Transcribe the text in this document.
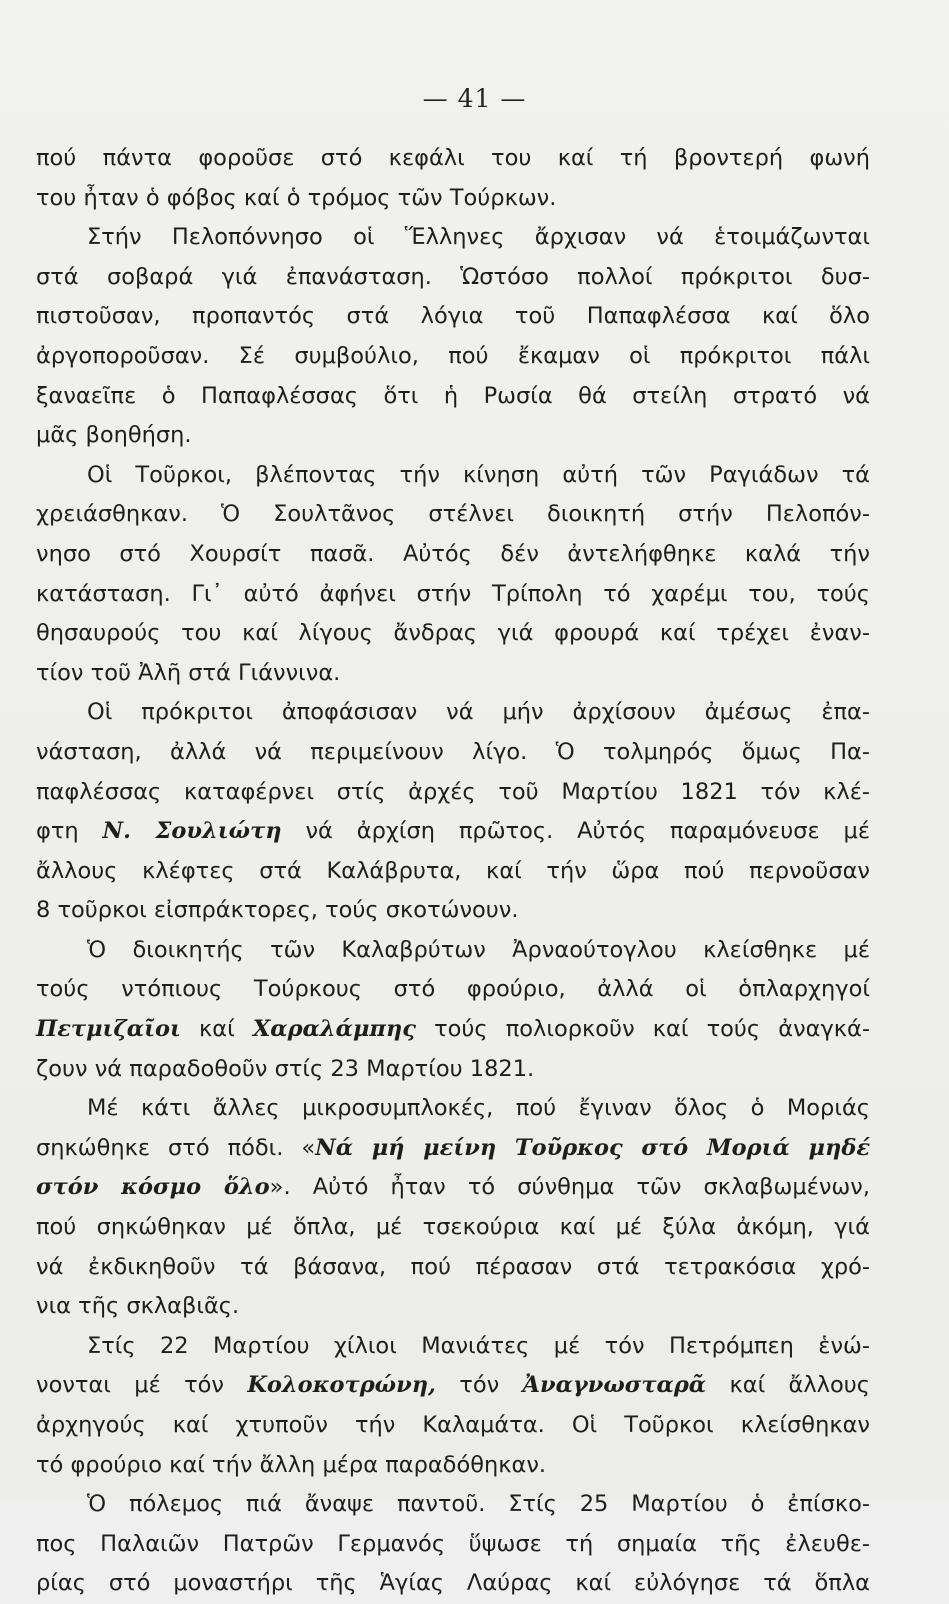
— 41 —
πού πάντα φοροῦσε στό κεφάλι του καί τή βροντερή φωνή
του ἦταν ὁ φόβος καί ὁ τρόμος τῶν Τούρκων.
Στήν Πελοπόννησο οἱ Ἕλληνες ἄρχισαν νά ἑτοιμάζωνται
στά σοβαρά γιά ἐπανάσταση. Ὡστόσο πολλοί πρόκριτοι δυσ-
πιστοῦσαν, προπαντός στά λόγια τοῦ Παπαφλέσσα καί ὅλο
ἀργοποροῦσαν. Σέ συμβούλιο, πού ἔκαμαν οἱ πρόκριτοι πάλι
ξαναεῖπε ὁ Παπαφλέσσας ὅτι ἡ Ρωσία θά στείλη στρατό νά
μᾶς βοηθήση.
Οἱ Τοῦρκοι, βλέποντας τήν κίνηση αὐτή τῶν Ραγιάδων τά
χρειάσθηκαν. Ὁ Σουλτᾶνος στέλνει διοικητή στήν Πελοπόν-
νησο στό Χουρσίτ πασᾶ. Αὐτός δέν ἀντελήφθηκε καλά τήν
κατάσταση. Γι᾿ αὐτό ἀφήνει στήν Τρίπολη τό χαρέμι του, τούς
θησαυρούς του καί λίγους ἄνδρας γιά φρουρά καί τρέχει ἐναν-
τίον τοῦ Ἀλῆ στά Γιάννινα.
Οἱ πρόκριτοι ἀποφάσισαν νά μήν ἀρχίσουν ἀμέσως ἐπα-
νάσταση, ἀλλά νά περιμείνουν λίγο. Ὁ τολμηρός ὅμως Πα-
παφλέσσας καταφέρνει στίς ἀρχές τοῦ Μαρτίου 1821 τόν κλέ-
φτη Ν. Σουλιώτη νά ἀρχίση πρῶτος. Αὐτός παραμόνευσε μέ
ἄλλους κλέφτες στά Καλάβρυτα, καί τήν ὥρα πού περνοῦσαν
8 τοῦρκοι εἰσπράκτορες, τούς σκοτώνουν.
Ὁ διοικητής τῶν Καλαβρύτων Ἀρναούτογλου κλείσθηκε μέ
τούς ντόπιους Τούρκους στό φρούριο, ἀλλά οἱ ὁπλαρχηγοί
Πετμιζαῖοι καί Χαραλάμπης τούς πολιορκοῦν καί τούς ἀναγκά-
ζουν νά παραδοθοῦν στίς 23 Μαρτίου 1821.
Μέ κάτι ἄλλες μικροσυμπλοκές, πού ἔγιναν ὅλος ὁ Μοριάς
σηκώθηκε στό πόδι. «Νά μή μείνη Τοῦρκος στό Μοριά μηδέ
στόν κόσμο ὅλο». Αὐτό ἦταν τό σύνθημα τῶν σκλαβωμένων,
πού σηκώθηκαν μέ ὅπλα, μέ τσεκούρια καί μέ ξύλα ἀκόμη, γιά
νά ἐκδικηθοῦν τά βάσανα, πού πέρασαν στά τετρακόσια χρό-
νια τῆς σκλαβιᾶς.
Στίς 22 Μαρτίου χίλιοι Μανιάτες μέ τόν Πετρόμπεη ἑνώ-
νονται μέ τόν Κολοκοτρώνη, τόν Ἀναγνωσταρᾶ καί ἄλλους
ἀρχηγούς καί χτυποῦν τήν Καλαμάτα. Οἱ Τοῦρκοι κλείσθηκαν
τό φρούριο καί τήν ἄλλη μέρα παραδόθηκαν.
Ὁ πόλεμος πιά ἄναψε παντοῦ. Στίς 25 Μαρτίου ὁ ἐπίσκο-
πος Παλαιῶν Πατρῶν Γερμανός ὕψωσε τή σημαία τῆς ἐλευθε-
ρίας στό μοναστήρι τῆς Ἁγίας Λαύρας καί εὐλόγησε τά ὅπλα
